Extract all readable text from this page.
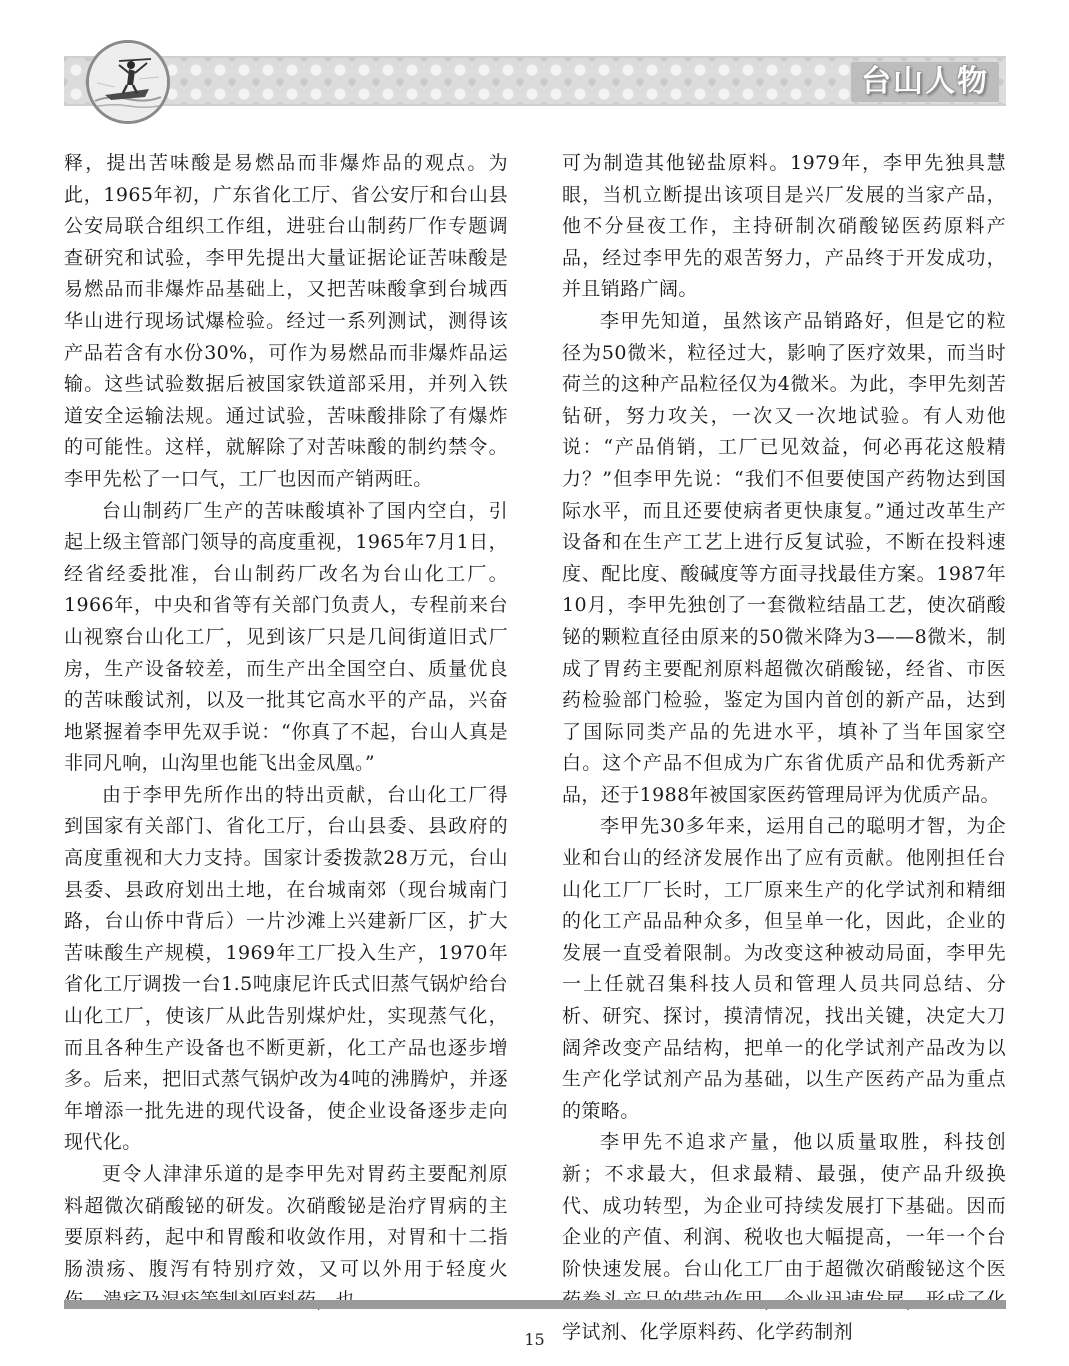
台山人物

释，提出苦味酸是易燃品而非爆炸品的观点。为此，1965年初，广东省化工厅、省公安厅和台山县公安局联合组织工作组，进驻台山制药厂作专题调查研究和试验，李甲先提出大量证据论证苦味酸是易燃品而非爆炸品基础上，又把苦味酸拿到台城西华山进行现场试爆检验。经过一系列测试，测得该产品若含有水份30%，可作为易燃品而非爆炸品运输。这些试验数据后被国家铁道部采用，并列入铁道安全运输法规。通过试验，苦味酸排除了有爆炸的可能性。这样，就解除了对苦味酸的制约禁令。李甲先松了一口气，工厂也因而产销两旺。

台山制药厂生产的苦味酸填补了国内空白，引起上级主管部门领导的高度重视，1965年7月1日，经省经委批准，台山制药厂改名为台山化工厂。1966年，中央和省等有关部门负责人，专程前来台山视察台山化工厂，见到该厂只是几间街道旧式厂房，生产设备较差，而生产出全国空白、质量优良的苦味酸试剂，以及一批其它高水平的产品，兴奋地紧握着李甲先双手说：“你真了不起，台山人真是非同凡响，山沟里也能飞出金凤凰。”

由于李甲先所作出的特出贡献，台山化工厂得到国家有关部门、省化工厅，台山县委、县政府的高度重视和大力支持。国家计委拨款28万元，台山县委、县政府划出土地，在台城南郊（现台城南门路，台山侨中背后）一片沙滩上兴建新厂区，扩大苦味酸生产规模，1969年工厂投入生产，1970年省化工厅调拨一台1.5吨康尼许氏式旧蒸气锅炉给台山化工厂，使该厂从此告别煤炉灶，实现蒸气化，而且各种生产设备也不断更新，化工产品也逐步增多。后来，把旧式蒸气锅炉改为4吨的沸腾炉，并逐年增添一批先进的现代设备，使企业设备逐步走向现代化。

更令人津津乐道的是李甲先对胃药主要配剂原料超微次硝酸铋的研发。次硝酸铋是治疗胃病的主要原料药，起中和胃酸和收敛作用，对胃和十二指肠溃疡、腹泻有特别疗效，又可以外用于轻度火

可为制造其他铋盐原料。1979年，李甲先独具慧眼，当机立断提出该项目是兴厂发展的当家产品，他不分昼夜工作，主持研制次硝酸铋医药原料产品，经过李甲先的艰苦努力，产品终于开发成功，并且销路广阔。

李甲先知道，虽然该产品销路好，但是它的粒径为50微米，粒径过大，影响了医疗效果，而当时荷兰的这种产品粒径仅为4微米。为此，李甲先刻苦钻研，努力攻关，一次又一次地试验。有人劝他说：“产品俏销，工厂已见效益，何必再花这般精力？”但李甲先说：“我们不但要使国产药物达到国际水平，而且还要使病者更快康复。”通过改革生产设备和在生产工艺上进行反复试验，不断在投料速度、配比度、酸碱度等方面寻找最佳方案。1987年10月，李甲先独创了一套微粒结晶工艺，使次硝酸铋的颗粒直径由原来的50微米降为3——8微米，制成了胃药主要配剂原料超微次硝酸铋，经省、市医药检验部门检验，鉴定为国内首创的新产品，达到了国际同类产品的先进水平，填补了当年国家空白。这个产品不但成为广东省优质产品和优秀新产品，还于1988年被国家医药管理局评为优质产品。

李甲先30多年来，运用自己的聪明才智，为企业和台山的经济发展作出了应有贡献。他刚担任台山化工厂厂长时，工厂原来生产的化学试剂和精细的化工产品品种众多，但呈单一化，因此，企业的发展一直受着限制。为改变这种被动局面，李甲先一上任就召集科技人员和管理人员共同总结、分析、研究、探讨，摸清情况，找出关键，决定大刀阔斧改变产品结构，把单一的化学试剂产品改为以生产化学试剂产品为基础，以生产医药产品为重点的策略。

李甲先不追求产量，他以质量取胜，科技创新；不求最大，但求最精、最强，使产品升级换代、成功转型，为企业可持续发展打下基础。因而企业的产值、利润、税收也大幅提高，一年一个台阶快速发展。台山化工厂由于超微次硝酸铋这个医 学试剂、化学原料药、化学药制剂

15
